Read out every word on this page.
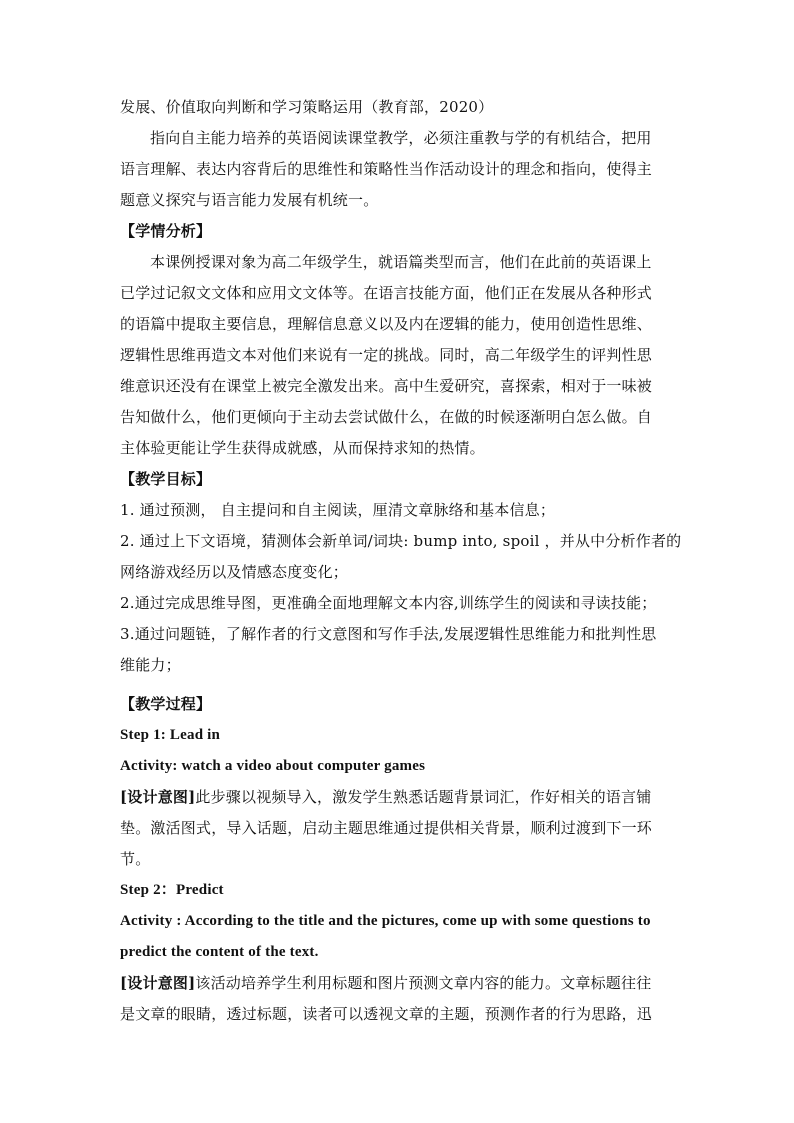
发展、价值取向判断和学习策略运用（教育部，2020）
指向自主能力培养的英语阅读课堂教学，必须注重教与学的有机结合，把用
语言理解、表达内容背后的思维性和策略性当作活动设计的理念和指向，使得主
题意义探究与语言能力发展有机统一。
【学情分析】
本课例授课对象为高二年级学生，就语篇类型而言，他们在此前的英语课上
已学过记叙文文体和应用文文体等。在语言技能方面，他们正在发展从各种形式
的语篇中提取主要信息，理解信息意义以及内在逻辑的能力，使用创造性思维、
逻辑性思维再造文本对他们来说有一定的挑战。同时，高二年级学生的评判性思
维意识还没有在课堂上被完全激发出来。高中生爱研究，喜探索，相对于一味被
告知做什么，他们更倾向于主动去尝试做什么，在做的时候逐渐明白怎么做。自
主体验更能让学生获得成就感，从而保持求知的热情。
【教学目标】
1. 通过预测， 自主提问和自主阅读，厘清文章脉络和基本信息；
2. 通过上下文语境，猜测体会新单词/词块: bump into, spoil ，并从中分析作者的
网络游戏经历以及情感态度变化；
2.通过完成思维导图，更准确全面地理解文本内容,训练学生的阅读和寻读技能；
3.通过问题链，了解作者的行文意图和写作手法,发展逻辑性思维能力和批判性思
维能力；
【教学过程】
Step 1: Lead in
Activity: watch a video about computer games
[设计意图]此步骤以视频导入，激发学生熟悉话题背景词汇，作好相关的语言铺
垫。激活图式，导入话题，启动主题思维通过提供相关背景，顺利过渡到下一环
节。
Step 2：Predict
Activity : According to the title and the pictures, come up with some questions to
predict the content of the text.
[设计意图]该活动培养学生利用标题和图片预测文章内容的能力。文章标题往往
是文章的眼睛，透过标题，读者可以透视文章的主题，预测作者的行为思路，迅
